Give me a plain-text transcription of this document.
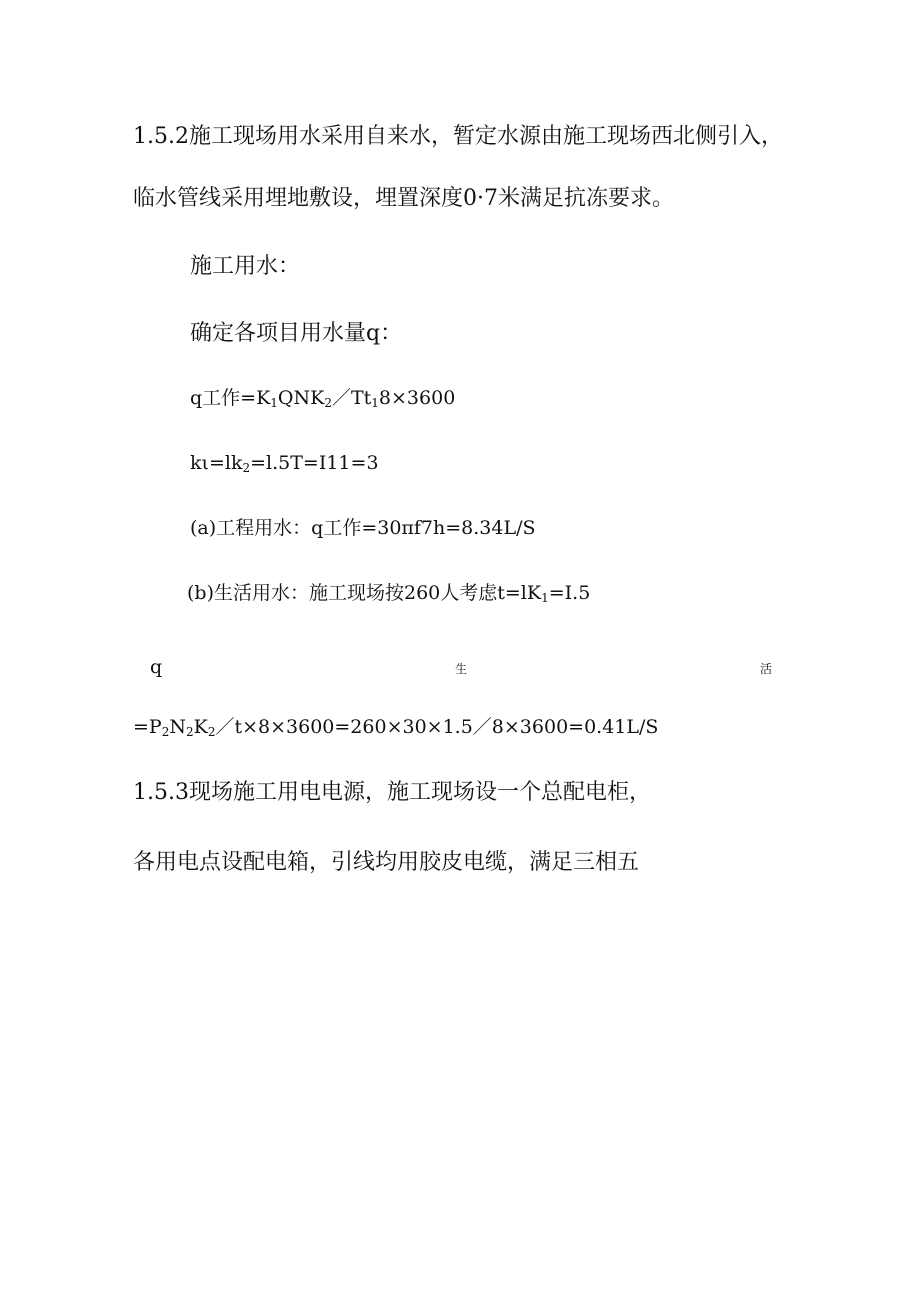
1.5.2施工现场用水采用自来水，暂定水源由施工现场西北侧引入，
临水管线采用埋地敷设，埋置深度0·7米满足抗冻要求。
施工用水：
确定各项目用水量q：
q工作$=K_1QNK_2/Tt_18\times 3600$
$k\iota=lk_2=l.5T=I11=3$
(a)工程用水：q工作=30πf7h=8.34L/S
(b)生活用水：施工现场按260人考虑$t=lK_1=I.5$
q	生	活
$=P_2N_2K_2/t\times 8\times 3600=260\times 30\times 1.5/8\times 3600=0.41L/S$
1.5.3现场施工用电电源，施工现场设一个总配电柜，
各用电点设配电箱，引线均用胶皮电缆，满足三相五
